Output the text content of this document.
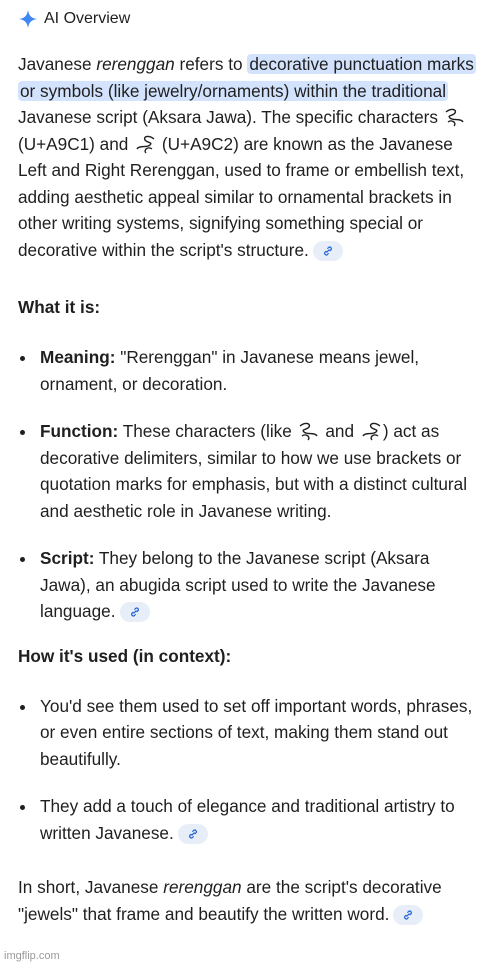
AI Overview

Javanese rerenggan refers to decorative punctuation marks or symbols (like jewelry/ornaments) within the traditional Javanese script (Aksara Jawa). The specific characters  (U+A9C1) and  (U+A9C2) are known as the Javanese Left and Right Rerenggan, used to frame or embellish text, adding aesthetic appeal similar to ornamental brackets in other writing systems, signifying something special or decorative within the script's structure.

What it is:
Meaning: "Rerenggan" in Javanese means jewel, ornament, or decoration.
Function: These characters (like  and ) act as decorative delimiters, similar to how we use brackets or quotation marks for emphasis, but with a distinct cultural and aesthetic role in Javanese writing.
Script: They belong to the Javanese script (Aksara Jawa), an abugida script used to write the Javanese language.
How it's used (in context):
You'd see them used to set off important words, phrases, or even entire sections of text, making them stand out beautifully.
They add a touch of elegance and traditional artistry to written Javanese.

In short, Javanese rerenggan are the script's decorative "jewels" that frame and beautify the written word.

imgflip.com
